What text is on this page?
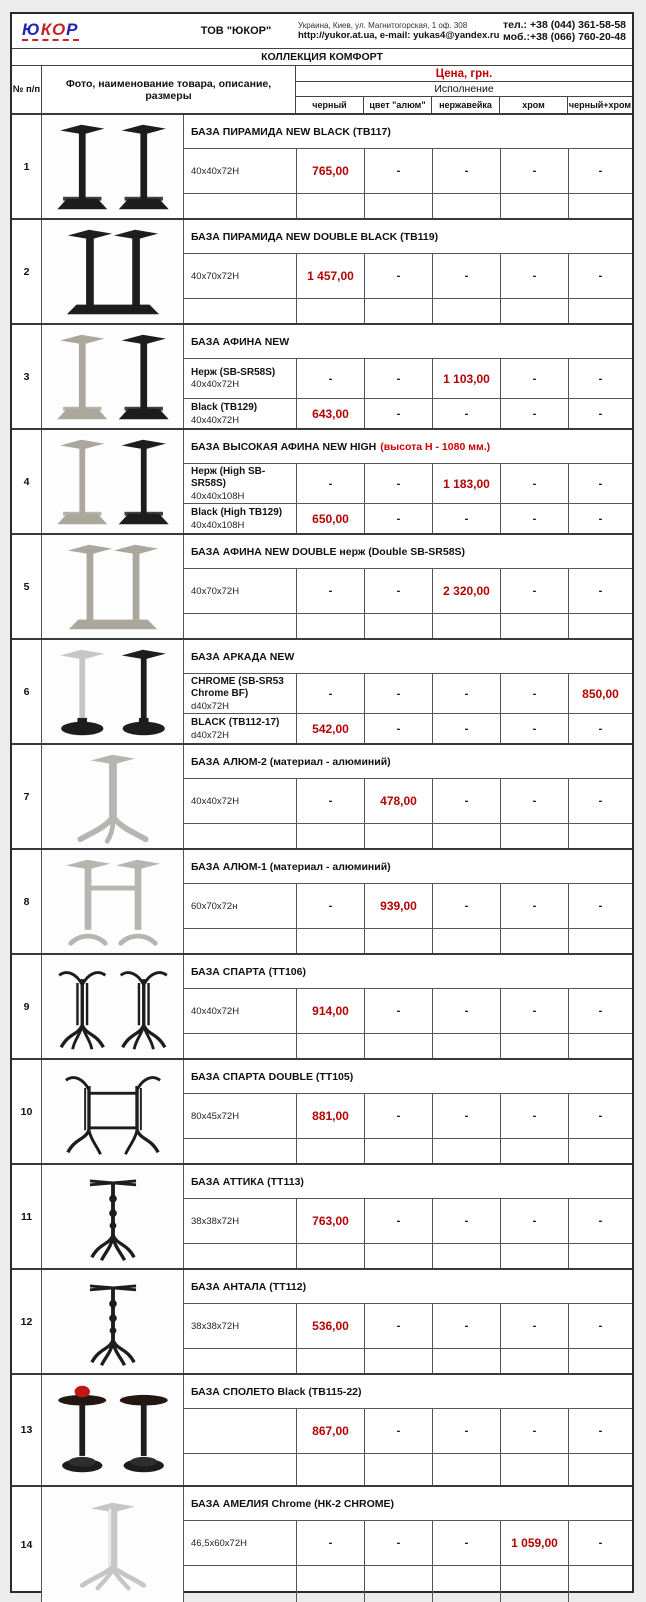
ЮКОР	ТОВ "ЮКОР"	Украина, Киев, ул. Магнитогорская, 1 оф. 308
http://yukor.at.ua, e-mail: yukas4@yandex.ru
тел.: +38 (044) 361-58-58
моб.:+38 (066) 760-20-48
КОЛЛЕКЦИЯ КОМФОРТ
№ п/п	Фото, наименование товара, описание, размеры
Цена, грн.
Исполнение
черный	цвет "алюм"	нержавейка	хром	черный+хром
1
БАЗА ПИРАМИДА NEW BLACK (ТВ117)
40x40x72Н	765,00	-	-	-	-
2
БАЗА ПИРАМИДА NEW DOUBLE BLACK (ТВ119)
40x70x72Н	1 457,00	-	-	-	-
3
БАЗА АФИНА NEW
Нерж (SB-SR58S)
40x40x72Н
-	-	1 103,00	-	-
Black (ТВ129)
40x40x72Н	643,00	-	-	-	-
4
БАЗА ВЫСОКАЯ АФИНА NEW HIGH (высота Н - 1080 мм.)
Нерж (High SB-SR58S)
40x40x108Н
-	-	1 183,00	-	-
Black (High ТВ129)
40x40x108Н	650,00	-	-	-	-
5
БАЗА АФИНА NEW DOUBLE нерж (Double SB-SR58S)
40x70x72Н	-	-	2 320,00	-	-
6
БАЗА АРКАДА NEW
CHROME (SB-SR53 Chrome BF)
d40x72Н
-	-	-	-	850,00
BLACK (ТВ112-17)
d40x72Н	542,00	-	-	-	-
7
БАЗА АЛЮМ-2 (материал - алюминий)
40x40x72Н	-	478,00	-	-	-
8
БАЗА АЛЮМ-1 (материал - алюминий)
60x70x72н	-	939,00	-	-	-
9
БАЗА СПАРТА (ТТ106)
40x40x72Н	914,00	-	-	-	-
10
БАЗА СПАРТА DOUBLE (ТТ105)
80x45x72Н	881,00	-	-	-	-
11
БАЗА АТТИКА (ТТ113)
38x38x72Н	763,00	-	-	-	-
12
БАЗА АНТАЛА (ТТ112)
38x38x72Н	536,00	-	-	-	-
13
БАЗА СПОЛЕТО Black (ТВ115-22)
867,00	-	-	-	-
14
БАЗА АМЕЛИЯ Chrome (НК-2 CHROME)
46,5x60x72Н	-	-	-	1 059,00	-
